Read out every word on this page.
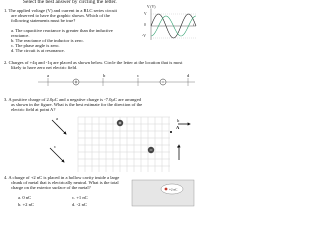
Select the best answer by circling the letter.
1. The applied voltage (V) and current in a RLC series circuit
are observed to have the graphic shown. Which of the
following statements must be true?
a. The capacitive reactance is greater than the inductive
reactance.
b. The reactance of the inductor is zero.
c. The phase angle is zero.
d. The circuit is at resonance.
V (V)
V
0
-V
t
2. Charges of +4q and -1q are placed as shown below. Circle the letter at the location that is most
likely to have zero net electric field.
a	b	c	d
3. A positive charge of 2.0μC and a negative charge is -7.0μC are arranged
as shown in the figure. What is the best estimate for the direction of the
electric field at point A?
a	b
c	d
A
4. A charge of +2 nC is placed in a hollow cavity inside a large
chunk of metal that is electrically neutral. What is the total
charge on the exterior surface of the metal?
a. 0 nC
b. +2 nC
c. +1 nC
d. -2 nC
+2 nC
